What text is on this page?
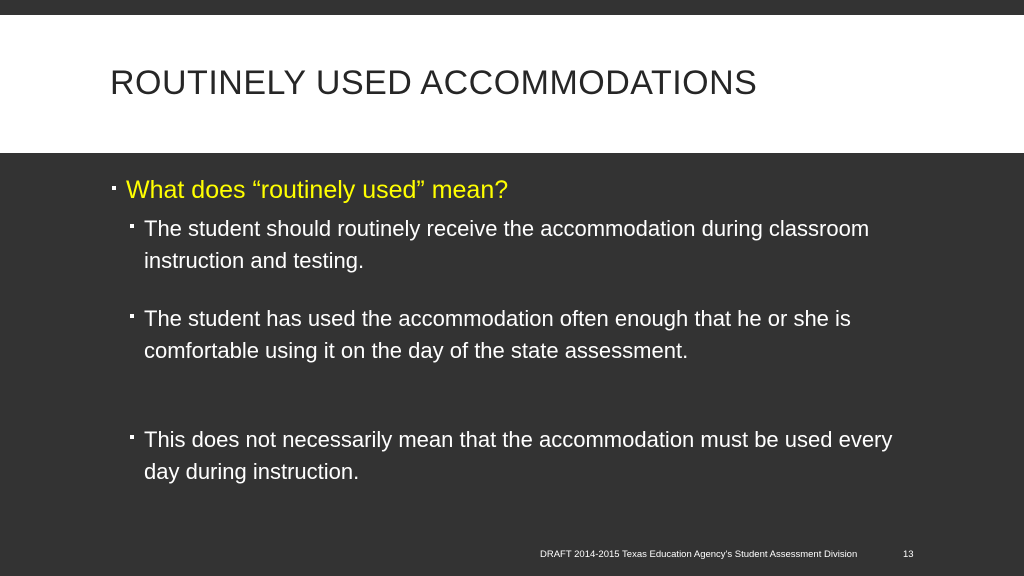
ROUTINELY USED ACCOMMODATIONS
What does “routinely used” mean?
The student should routinely receive the accommodation during classroom instruction and testing.
The student has used the accommodation often enough that he or she is comfortable using it on the day of the state assessment.
This does not necessarily mean that the accommodation must be used every day during instruction.
DRAFT 2014-2015 Texas Education Agency's Student Assessment Division	13
